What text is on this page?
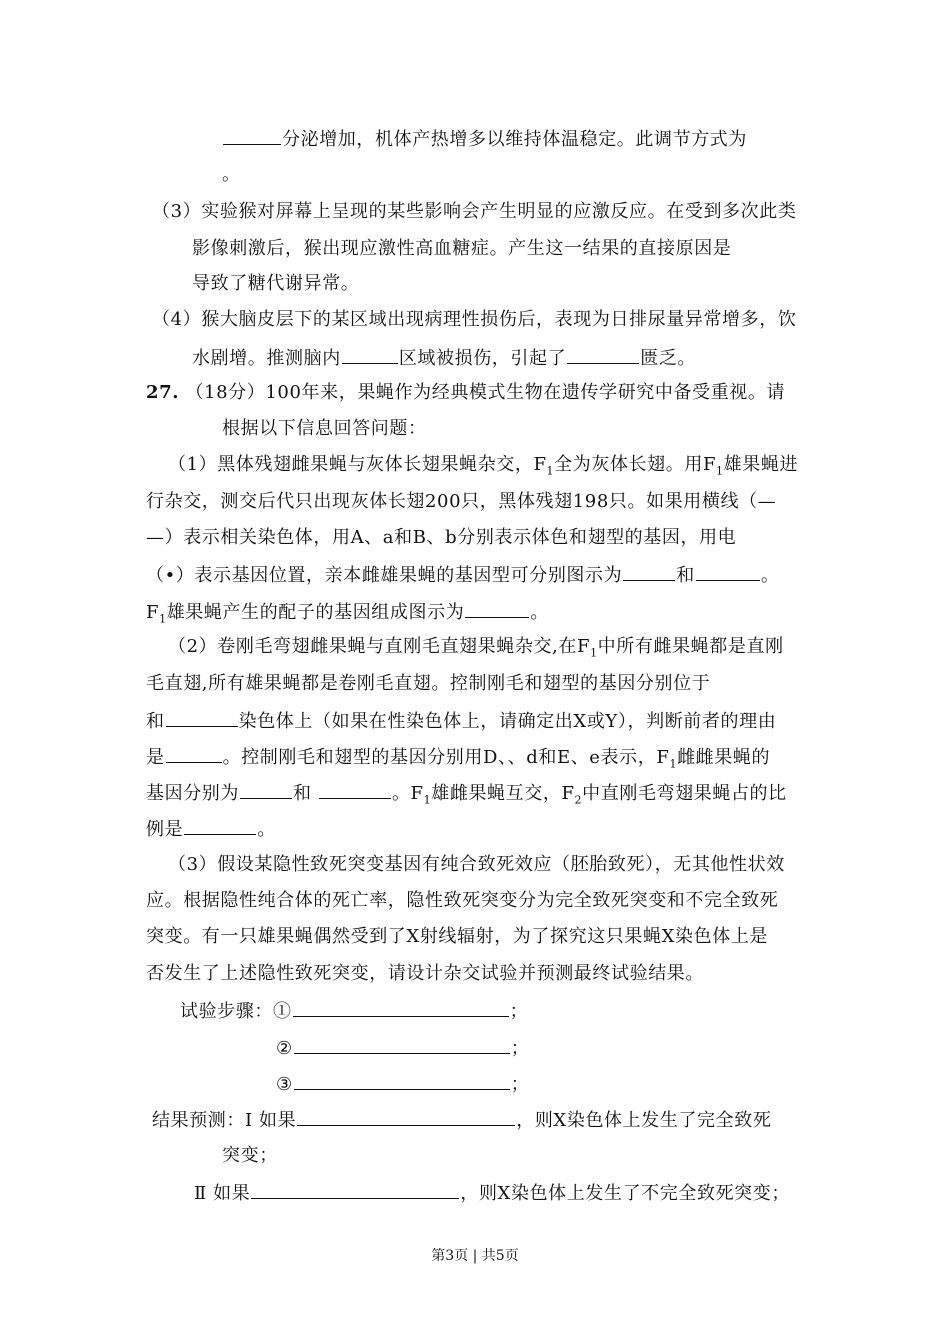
分泌增加，机体产热增多以维持体温稳定。此调节方式为
。
（3）实验猴对屏幕上呈现的某些影响会产生明显的应激反应。在受到多次此类
影像刺激后，猴出现应激性高血糖症。产生这一结果的直接原因是
导致了糖代谢异常。
（4）猴大脑皮层下的某区域出现病理性损伤后，表现为日排尿量异常增多，饮
水剧增。推测脑内	区域被损伤，引起了	匮乏。
27. （18分）100年来，果蝇作为经典模式生物在遗传学研究中备受重视。请
根据以下信息回答问题：
（1）黑体残翅雌果蝇与灰体长翅果蝇杂交，$F_1$全为灰体长翅。用$F_1$雄果蝇进
行杂交，测交后代只出现灰体长翅200只，黑体残翅198只。如果用横线（—
—）表示相关染色体，用A、a和B、b分别表示体色和翅型的基因，用电
（•）表示基因位置，亲本雌雄果蝇的基因型可分别图示为	和	。
$F_1$雄果蝇产生的配子的基因组成图示为	。
（2）卷刚毛弯翅雌果蝇与直刚毛直翅果蝇杂交,在$F_1$中所有雌果蝇都是直刚
毛直翅,所有雄果蝇都是卷刚毛直翅。控制刚毛和翅型的基因分别位于
和	染色体上（如果在性染色体上，请确定出X或Y），判断前者的理由
是	。控制刚毛和翅型的基因分别用D、、d和E、e表示，$F_1$雌雌果蝇的
基因分别为	和	。$F_1$雄雌果蝇互交，$F_2$中直刚毛弯翅果蝇占的比
例是	。
（3）假设某隐性致死突变基因有纯合致死效应（胚胎致死），无其他性状效
应。根据隐性纯合体的死亡率，隐性致死突变分为完全致死突变和不完全致死
突变。有一只雄果蝇偶然受到了X射线辐射，为了探究这只果蝇X染色体上是
否发生了上述隐性致死突变，请设计杂交试验并预测最终试验结果。
试验步骤：①	；
②	；
③	；
结果预测：Ⅰ 如果	，则X染色体上发生了完全致死
突变；
Ⅱ 如果	，则X染色体上发生了不完全致死突变；
第3页 | 共5页
